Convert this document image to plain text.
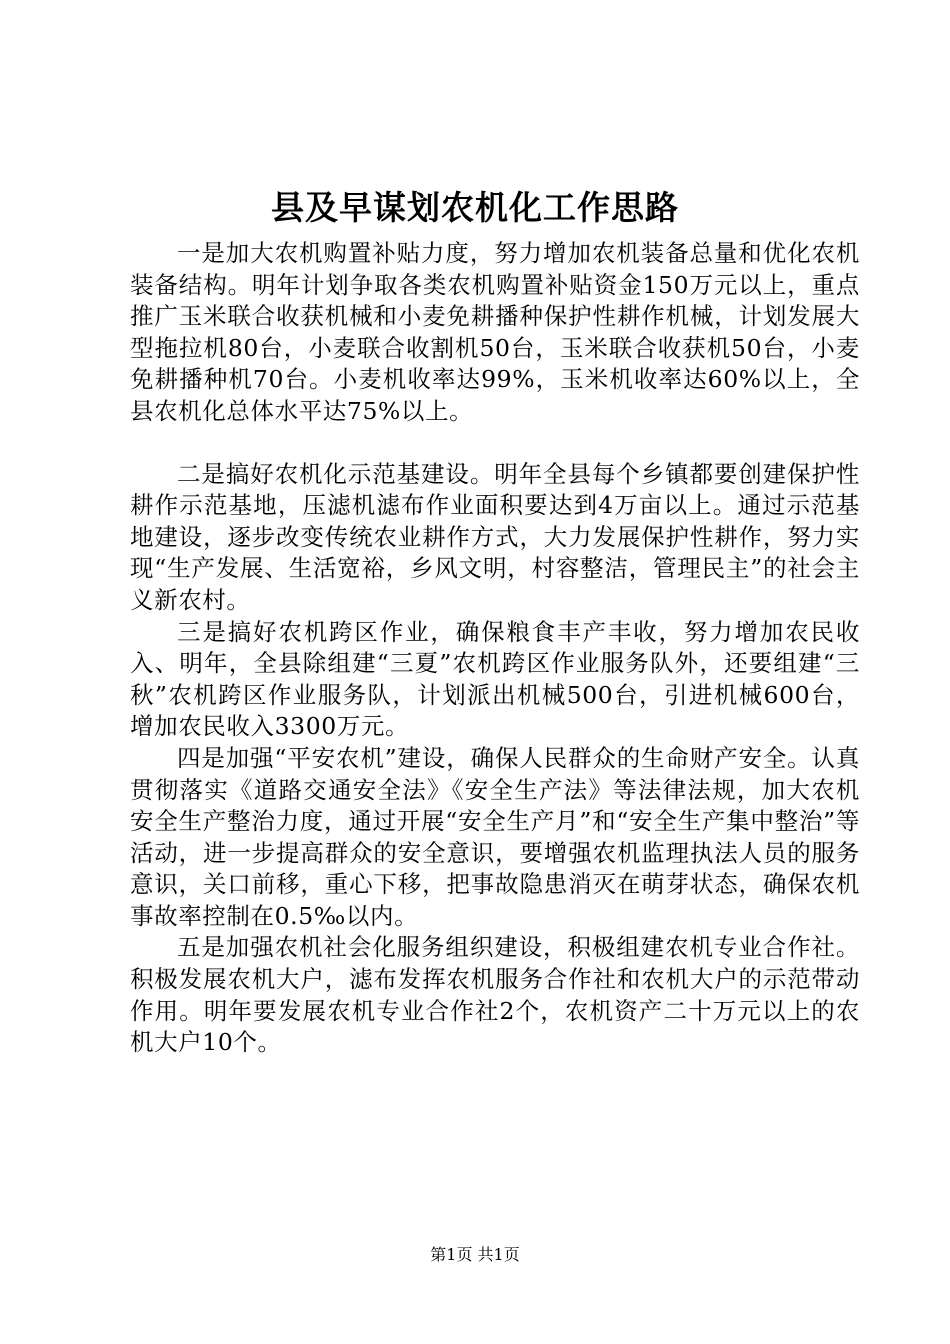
县及早谋划农机化工作思路

一是加大农机购置补贴力度，努力增加农机装备总量和优化农机装备结构。明年计划争取各类农机购置补贴资金150万元以上，重点推广玉米联合收获机械和小麦免耕播种保护性耕作机械，计划发展大型拖拉机80台，小麦联合收割机50台，玉米联合收获机50台，小麦免耕播种机70台。小麦机收率达99%，玉米机收率达60%以上，全县农机化总体水平达75%以上。

二是搞好农机化示范基建设。明年全县每个乡镇都要创建保护性耕作示范基地，压滤机滤布作业面积要达到4万亩以上。通过示范基地建设，逐步改变传统农业耕作方式，大力发展保护性耕作，努力实现“生产发展、生活宽裕，乡风文明，村容整洁，管理民主”的社会主义新农村。

三是搞好农机跨区作业，确保粮食丰产丰收，努力增加农民收入、明年，全县除组建“三夏”农机跨区作业服务队外，还要组建“三秋”农机跨区作业服务队，计划派出机械500台，引进机械600台，增加农民收入3300万元。

四是加强“平安农机”建设，确保人民群众的生命财产安全。认真贯彻落实《道路交通安全法》《安全生产法》等法律法规，加大农机安全生产整治力度，通过开展“安全生产月”和“安全生产集中整治”等活动，进一步提高群众的安全意识，要增强农机监理执法人员的服务意识，关口前移，重心下移，把事故隐患消灭在萌芽状态，确保农机事故率控制在0.5‰以内。

五是加强农机社会化服务组织建设，积极组建农机专业合作社。积极发展农机大户，滤布发挥农机服务合作社和农机大户的示范带动作用。明年要发展农机专业合作社2个，农机资产二十万元以上的农机大户10个。

第1页 共1页
